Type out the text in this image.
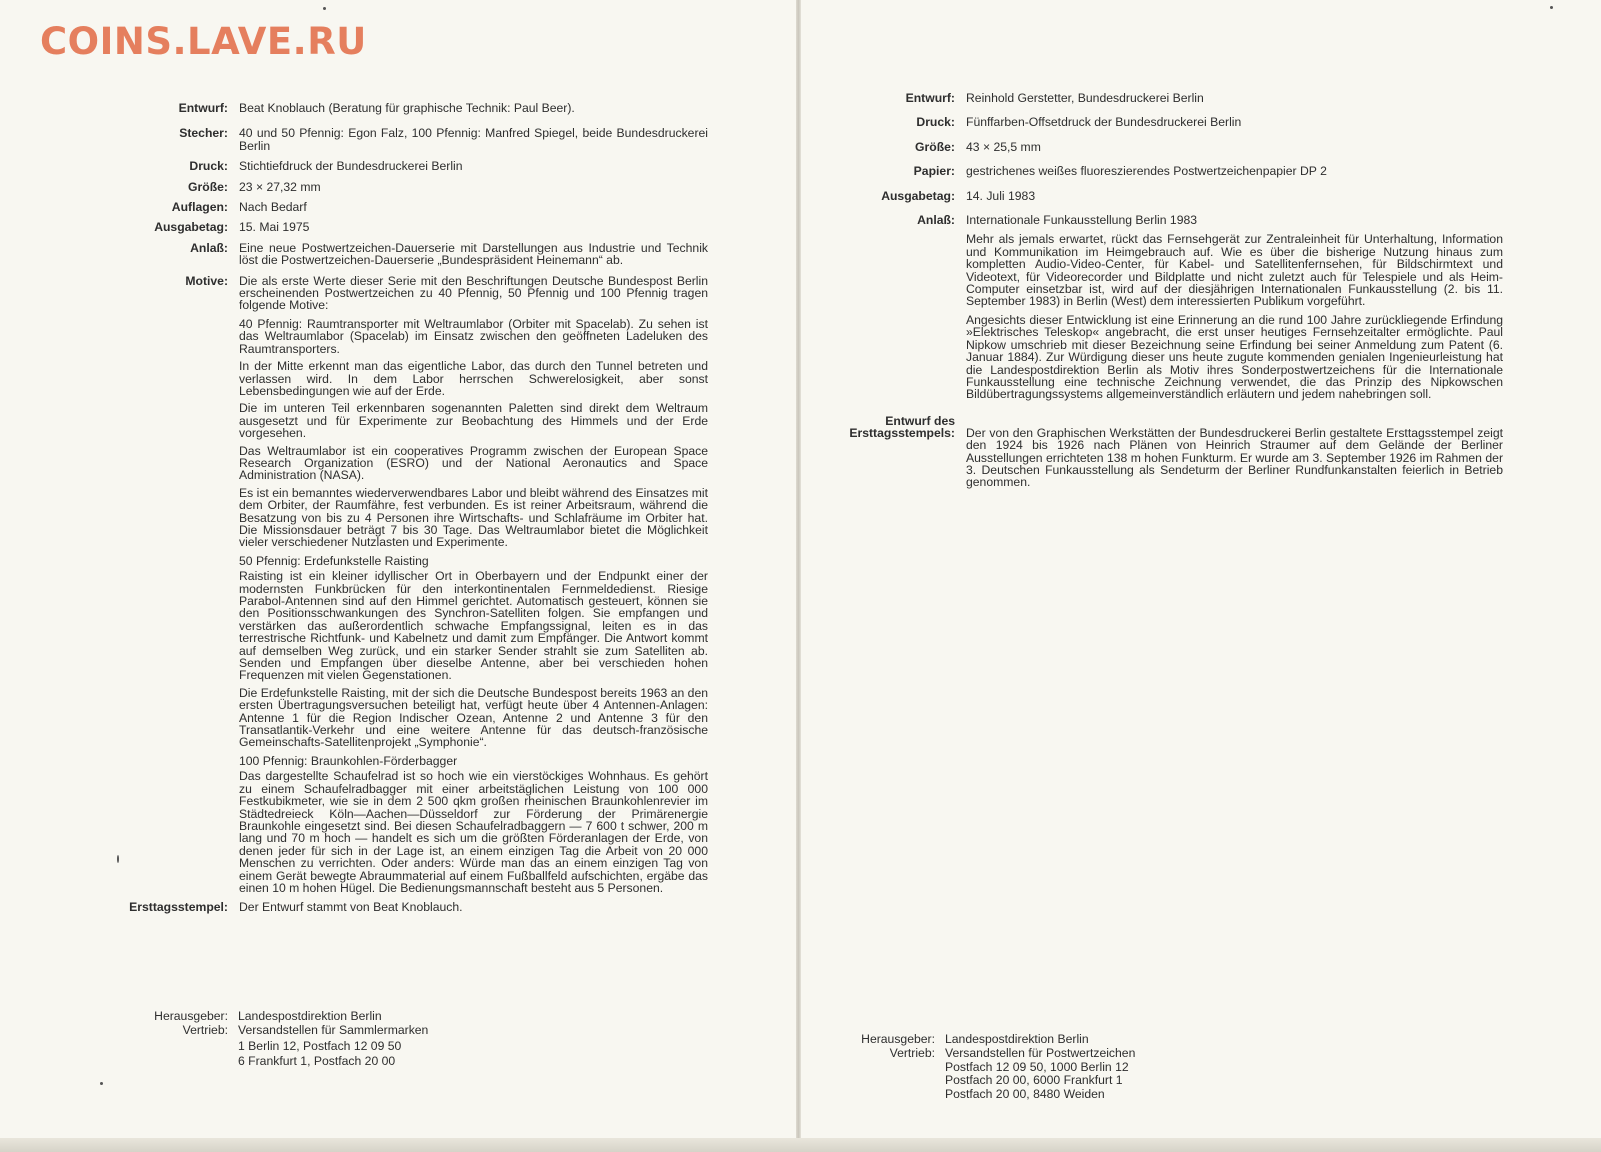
COINS.LAVE.RU
Entwurf: Beat Knoblauch (Beratung für graphische Technik: Paul Beer).

Stecher: 40 und 50 Pfennig: Egon Falz, 100 Pfennig: Manfred Spiegel, beide Bundesdruckerei Berlin

Druck: Stichtiefdruck der Bundesdruckerei Berlin

Größe: 23 × 27,32 mm

Auflagen: Nach Bedarf

Ausgabetag: 15. Mai 1975

Anlaß: Eine neue Postwertzeichen-Dauerserie mit Darstellungen aus Industrie und Technik löst die Postwertzeichen-Dauerserie „Bundespräsident Heinemann“ ab.

Motive: Die als erste Werte dieser Serie mit den Beschriftungen Deutsche Bundespost Berlin erscheinenden Postwertzeichen zu 40 Pfennig, 50 Pfennig und 100 Pfennig tragen folgende Motive:

40 Pfennig: Raumtransporter mit Weltraumlabor (Orbiter mit Spacelab). Zu sehen ist das Weltraumlabor (Spacelab) im Einsatz zwischen den geöffneten Ladeluken des Raumtransporters.

In der Mitte erkennt man das eigentliche Labor, das durch den Tunnel betreten und verlassen wird. In dem Labor herrschen Schwerelosigkeit, aber sonst Lebensbedingungen wie auf der Erde.

Die im unteren Teil erkennbaren sogenannten Paletten sind direkt dem Weltraum ausgesetzt und für Experimente zur Beobachtung des Himmels und der Erde vorgesehen.

Das Weltraumlabor ist ein cooperatives Programm zwischen der European Space Research Organization (ESRO) und der National Aeronautics and Space Administration (NASA).

Es ist ein bemanntes wiederverwendbares Labor und bleibt während des Einsatzes mit dem Orbiter, der Raumfähre, fest verbunden. Es ist reiner Arbeitsraum, während die Besatzung von bis zu 4 Personen ihre Wirtschafts- und Schlafräume im Orbiter hat. Die Missionsdauer beträgt 7 bis 30 Tage. Das Weltraumlabor bietet die Möglichkeit vieler verschiedener Nutzlasten und Experimente.

50 Pfennig: Erdefunkstelle Raisting

Raisting ist ein kleiner idyllischer Ort in Oberbayern und der Endpunkt einer der modernsten Funkbrücken für den interkontinentalen Fernmeldedienst. Riesige Parabol-Antennen sind auf den Himmel gerichtet. Automatisch gesteuert, können sie den Positionsschwankungen des Synchron-Satelliten folgen. Sie empfangen und verstärken das außerordentlich schwache Empfangssignal, leiten es in das terrestrische Richtfunk- und Kabelnetz und damit zum Empfänger. Die Antwort kommt auf demselben Weg zurück, und ein starker Sender strahlt sie zum Satelliten ab. Senden und Empfangen über dieselbe Antenne, aber bei verschieden hohen Frequenzen mit vielen Gegenstationen.

Die Erdefunkstelle Raisting, mit der sich die Deutsche Bundespost bereits 1963 an den ersten Übertragungsversuchen beteiligt hat, verfügt heute über 4 Antennen-Anlagen: Antenne 1 für die Region Indischer Ozean, Antenne 2 und Antenne 3 für den Transatlantik-Verkehr und eine weitere Antenne für das deutsch-französische Gemeinschafts-Satellitenprojekt „Symphonie“.

100 Pfennig: Braunkohlen-Förderbagger

Das dargestellte Schaufelrad ist so hoch wie ein vierstöckiges Wohnhaus. Es gehört zu einem Schaufelradbagger mit einer arbeitstäglichen Leistung von 100 000 Festkubikmeter, wie sie in dem 2 500 qkm großen rheinischen Braunkohlenrevier im Städtedreieck Köln—Aachen—Düsseldorf zur Förderung der Primärenergie Braunkohle eingesetzt sind. Bei diesen Schaufelradbaggern — 7 600 t schwer, 200 m lang und 70 m hoch — handelt es sich um die größten Förderanlagen der Erde, von denen jeder für sich in der Lage ist, an einem einzigen Tag die Arbeit von 20 000 Menschen zu verrichten. Oder anders: Würde man das an einem einzigen Tag von einem Gerät bewegte Abraummaterial auf einem Fußballfeld aufschichten, ergäbe das einen 10 m hohen Hügel. Die Bedienungsmannschaft besteht aus 5 Personen.

Ersttagsstempel: Der Entwurf stammt von Beat Knoblauch.

Herausgeber: Landespostdirektion Berlin
Vertrieb: Versandstellen für Sammlermarken
1 Berlin 12, Postfach 12 09 50
6 Frankfurt 1, Postfach 20 00
Entwurf: Reinhold Gerstetter, Bundesdruckerei Berlin

Druck: Fünffarben-Offsetdruck der Bundesdruckerei Berlin

Größe: 43 × 25,5 mm

Papier: gestrichenes weißes fluoreszierendes Postwertzeichenpapier DP 2

Ausgabetag: 14. Juli 1983

Anlaß: Internationale Funkausstellung Berlin 1983

Mehr als jemals erwartet, rückt das Fernsehgerät zur Zentraleinheit für Unterhaltung, Information und Kommunikation im Heimgebrauch auf. Wie es über die bisherige Nutzung hinaus zum kompletten Audio-Video-Center, für Kabel- und Satellitenfernsehen, für Bildschirmtext und Videotext, für Videorecorder und Bildplatte und nicht zuletzt auch für Telespiele und als Heim-Computer einsetzbar ist, wird auf der diesjährigen Internationalen Funkausstellung (2. bis 11. September 1983) in Berlin (West) dem interessierten Publikum vorgeführt.

Angesichts dieser Entwicklung ist eine Erinnerung an die rund 100 Jahre zurückliegende Erfindung »Elektrisches Teleskop« angebracht, die erst unser heutiges Fernsehzeitalter ermöglichte. Paul Nipkow umschrieb mit dieser Bezeichnung seine Erfindung bei seiner Anmeldung zum Patent (6. Januar 1884). Zur Würdigung dieser uns heute zugute kommenden genialen Ingenieurleistung hat die Landespostdirektion Berlin als Motiv ihres Sonderpostwertzeichens für die Internationale Funkausstellung eine technische Zeichnung verwendet, die das Prinzip des Nipkowschen Bildübertragungssystems allgemeinverständlich erläutern und jedem nahebringen soll.

Entwurf des
Ersttagsstempels: Der von den Graphischen Werkstätten der Bundesdruckerei Berlin gestaltete Ersttagsstempel zeigt den 1924 bis 1926 nach Plänen von Heinrich Straumer auf dem Gelände der Berliner Ausstellungen errichteten 138 m hohen Funkturm. Er wurde am 3. September 1926 im Rahmen der 3. Deutschen Funkausstellung als Sendeturm der Berliner Rundfunkanstalten feierlich in Betrieb genommen.

Herausgeber: Landespostdirektion Berlin
Vertrieb: Versandstellen für Postwertzeichen
Postfach 12 09 50, 1000 Berlin 12
Postfach 20 00, 6000 Frankfurt 1
Postfach 20 00, 8480 Weiden
